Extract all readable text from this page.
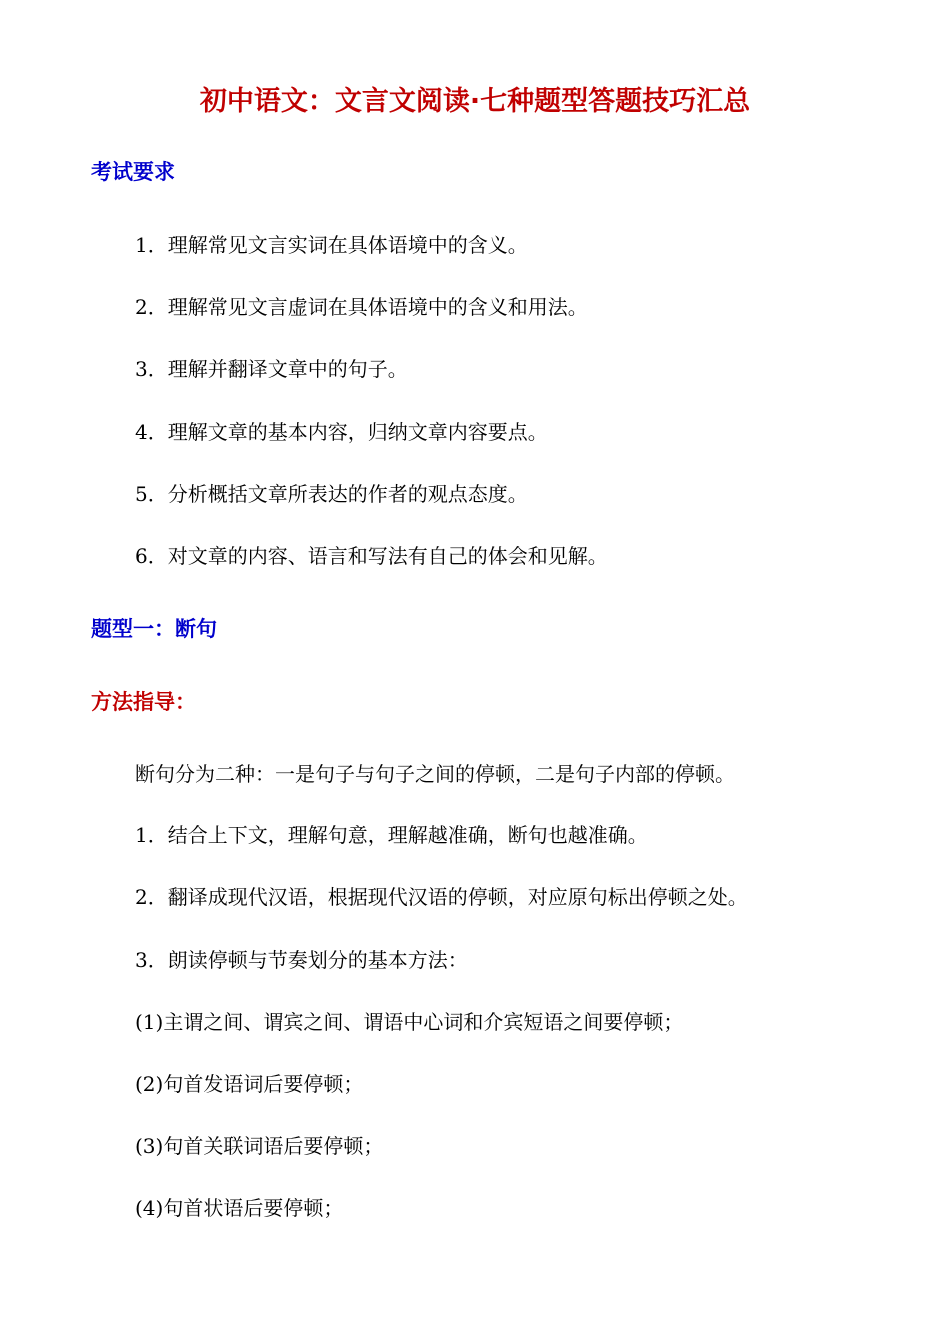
初中语文：文言文阅读·七种题型答题技巧汇总
考试要求
1．理解常见文言实词在具体语境中的含义。
2．理解常见文言虚词在具体语境中的含义和用法。
3．理解并翻译文章中的句子。
4．理解文章的基本内容，归纳文章内容要点。
5．分析概括文章所表达的作者的观点态度。
6．对文章的内容、语言和写法有自己的体会和见解。
题型一：断句
方法指导：
断句分为二种：一是句子与句子之间的停顿，二是句子内部的停顿。
1．结合上下文，理解句意，理解越准确，断句也越准确。
2．翻译成现代汉语，根据现代汉语的停顿，对应原句标出停顿之处。
3．朗读停顿与节奏划分的基本方法：
(1)主谓之间、谓宾之间、谓语中心词和介宾短语之间要停顿；
(2)句首发语词后要停顿；
(3)句首关联词语后要停顿；
(4)句首状语后要停顿；
